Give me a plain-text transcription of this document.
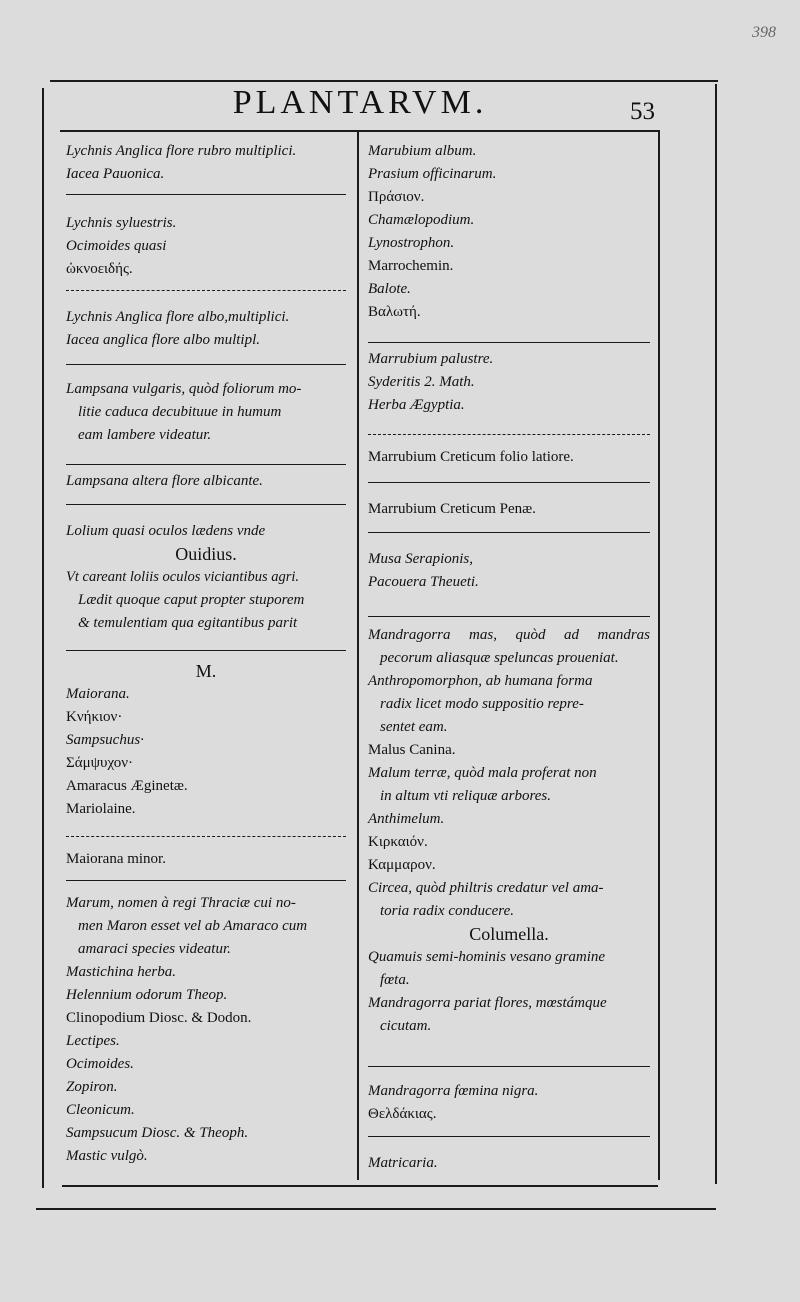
398
PLANTARVM.	53
Lychnis Anglica flore rubro multiplici.
Iacea Pauonica.
Lychnis syluestris.
Ocimoides quasi
ὠκνοειδής.
Lychnis Anglica flore albo,multiplici.
Iacea anglica flore albo multipl.
Lampsana vulgaris, quòd foliorum mo-
litie caduca decubituue in humum
eam lambere videatur.
Lampsana altera flore albicante.
Lolium quasi oculos lædens vnde
Ouidius.
Vt careant loliis oculos viciantibus agri.
Lædit quoque caput propter stuporem
& temulentiam qua egitantibus parit
M.
Maiorana.
Κνήκιον·
Sampsuchus·
Σάμψυχον·
Amaracus Æginetæ.
Mariolaine.
Maiorana minor.
Marum, nomen à regi Thraciæ cui no-
men Maron esset vel ab Amaraco cum
amaraci species videatur.
Mastichina herba.
Helennium odorum Theop.
Clinopodium Diosc. & Dodon.
Lectipes.
Ocimoides.
Zopiron.
Cleonicum.
Sampsucum Diosc. & Theoph.
Mastic vulgò.
Marubium album.
Prasium officinarum.
Πράσιον.
Chamælopodium.
Lynostrophon.
Marrochemin.
Balote.
Βαλωτή.
Marrubium palustre.
Syderitis 2. Math.
Herba Ægyptia.
Marrubium Creticum folio latiore.
Marrubium Creticum Penæ.
Musa Serapionis,
Pacouera Theueti.
Mandragorra mas, quòd ad mandras
pecorum aliasquæ speluncas proueniat.
Anthropomorphon, ab humana forma
radix licet modo suppositio repre-
sentet eam.
Malus Canina.
Malum terræ, quòd mala proferat non
in altum vti reliquæ arbores.
Anthimelum.
Κιρκαιόν.
Καμμαρον.
Circea, quòd philtris credatur vel ama-
toria radix conducere.
Columella.
Quamuis semi-hominis vesano gramine
fœta.
Mandragorra pariat flores, mœstámque
cicutam.
Mandragorra fœmina nigra.
Θελδάκιας.
Matricaria.
